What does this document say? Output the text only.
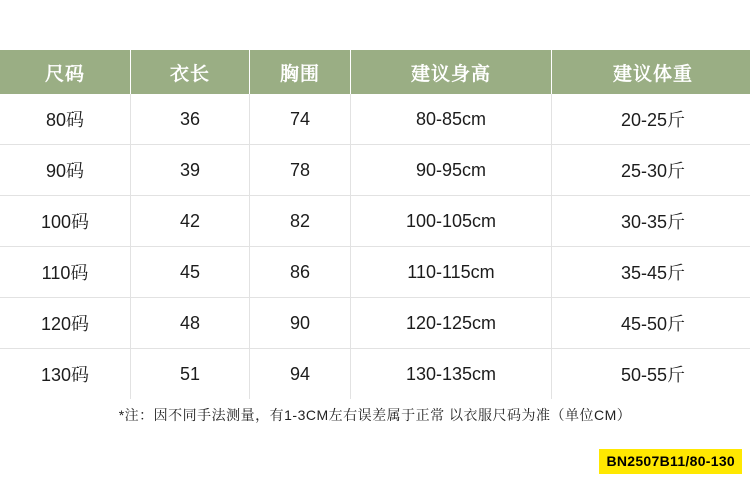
尺码	衣长	胸围	建议身高	建议体重
80码	36	74	80-85cm	20-25斤
90码	39	78	90-95cm	25-30斤
100码	42	82	100-105cm	30-35斤
110码	45	86	110-115cm	35-45斤
120码	48	90	120-125cm	45-50斤
130码	51	94	130-135cm	50-55斤
*注：因不同手法测量，有1-3CM左右误差属于正常 以衣服尺码为准（单位CM）
BN2507B11/80-130
